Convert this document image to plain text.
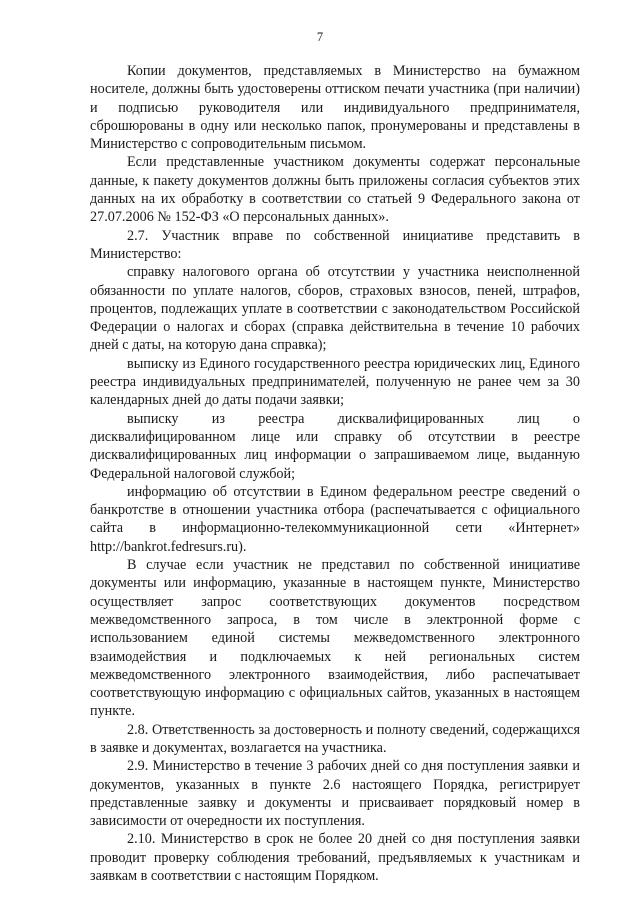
7

Копии документов, представляемых в Министерство на бумажном носителе, должны быть удостоверены оттиском печати участника (при наличии) и подписью руководителя или индивидуального предпринимателя, сброшюрованы в одну или несколько папок, пронумерованы и представлены в Министерство с сопроводительным письмом.

Если представленные участником документы содержат персональные данные, к пакету документов должны быть приложены согласия субъектов этих данных на их обработку в соответствии со статьей 9 Федерального закона от 27.07.2006 № 152-ФЗ «О персональных данных».

2.7. Участник вправе по собственной инициативе представить в Министерство:

справку налогового органа об отсутствии у участника неисполненной обязанности по уплате налогов, сборов, страховых взносов, пеней, штрафов, процентов, подлежащих уплате в соответствии с законодательством Российской Федерации о налогах и сборах (справка действительна в течение 10 рабочих дней с даты, на которую дана справка);

выписку из Единого государственного реестра юридических лиц, Единого реестра индивидуальных предпринимателей, полученную не ранее чем за 30 календарных дней до даты подачи заявки;

выписку из реестра дисквалифицированных лиц о дисквалифицированном лице или справку об отсутствии в реестре дисквалифицированных лиц информации о запрашиваемом лице, выданную Федеральной налоговой службой;

информацию об отсутствии в Едином федеральном реестре сведений о банкротстве в отношении участника отбора (распечатывается с официального сайта в информационно-телекоммуникационной сети «Интернет» http://bankrot.fedresurs.ru).

В случае если участник не представил по собственной инициативе документы или информацию, указанные в настоящем пункте, Министерство осуществляет запрос соответствующих документов посредством межведомственного запроса, в том числе в электронной форме с использованием единой системы межведомственного электронного взаимодействия и подключаемых к ней региональных систем межведомственного электронного взаимодействия, либо распечатывает соответствующую информацию с официальных сайтов, указанных в настоящем пункте.

2.8. Ответственность за достоверность и полноту сведений, содержащихся в заявке и документах, возлагается на участника.

2.9. Министерство в течение 3 рабочих дней со дня поступления заявки и документов, указанных в пункте 2.6 настоящего Порядка, регистрирует представленные заявку и документы и присваивает порядковый номер в зависимости от очередности их поступления.

2.10. Министерство в срок не более 20 дней со дня поступления заявки проводит проверку соблюдения требований, предъявляемых к участникам и заявкам в соответствии с настоящим Порядком.
